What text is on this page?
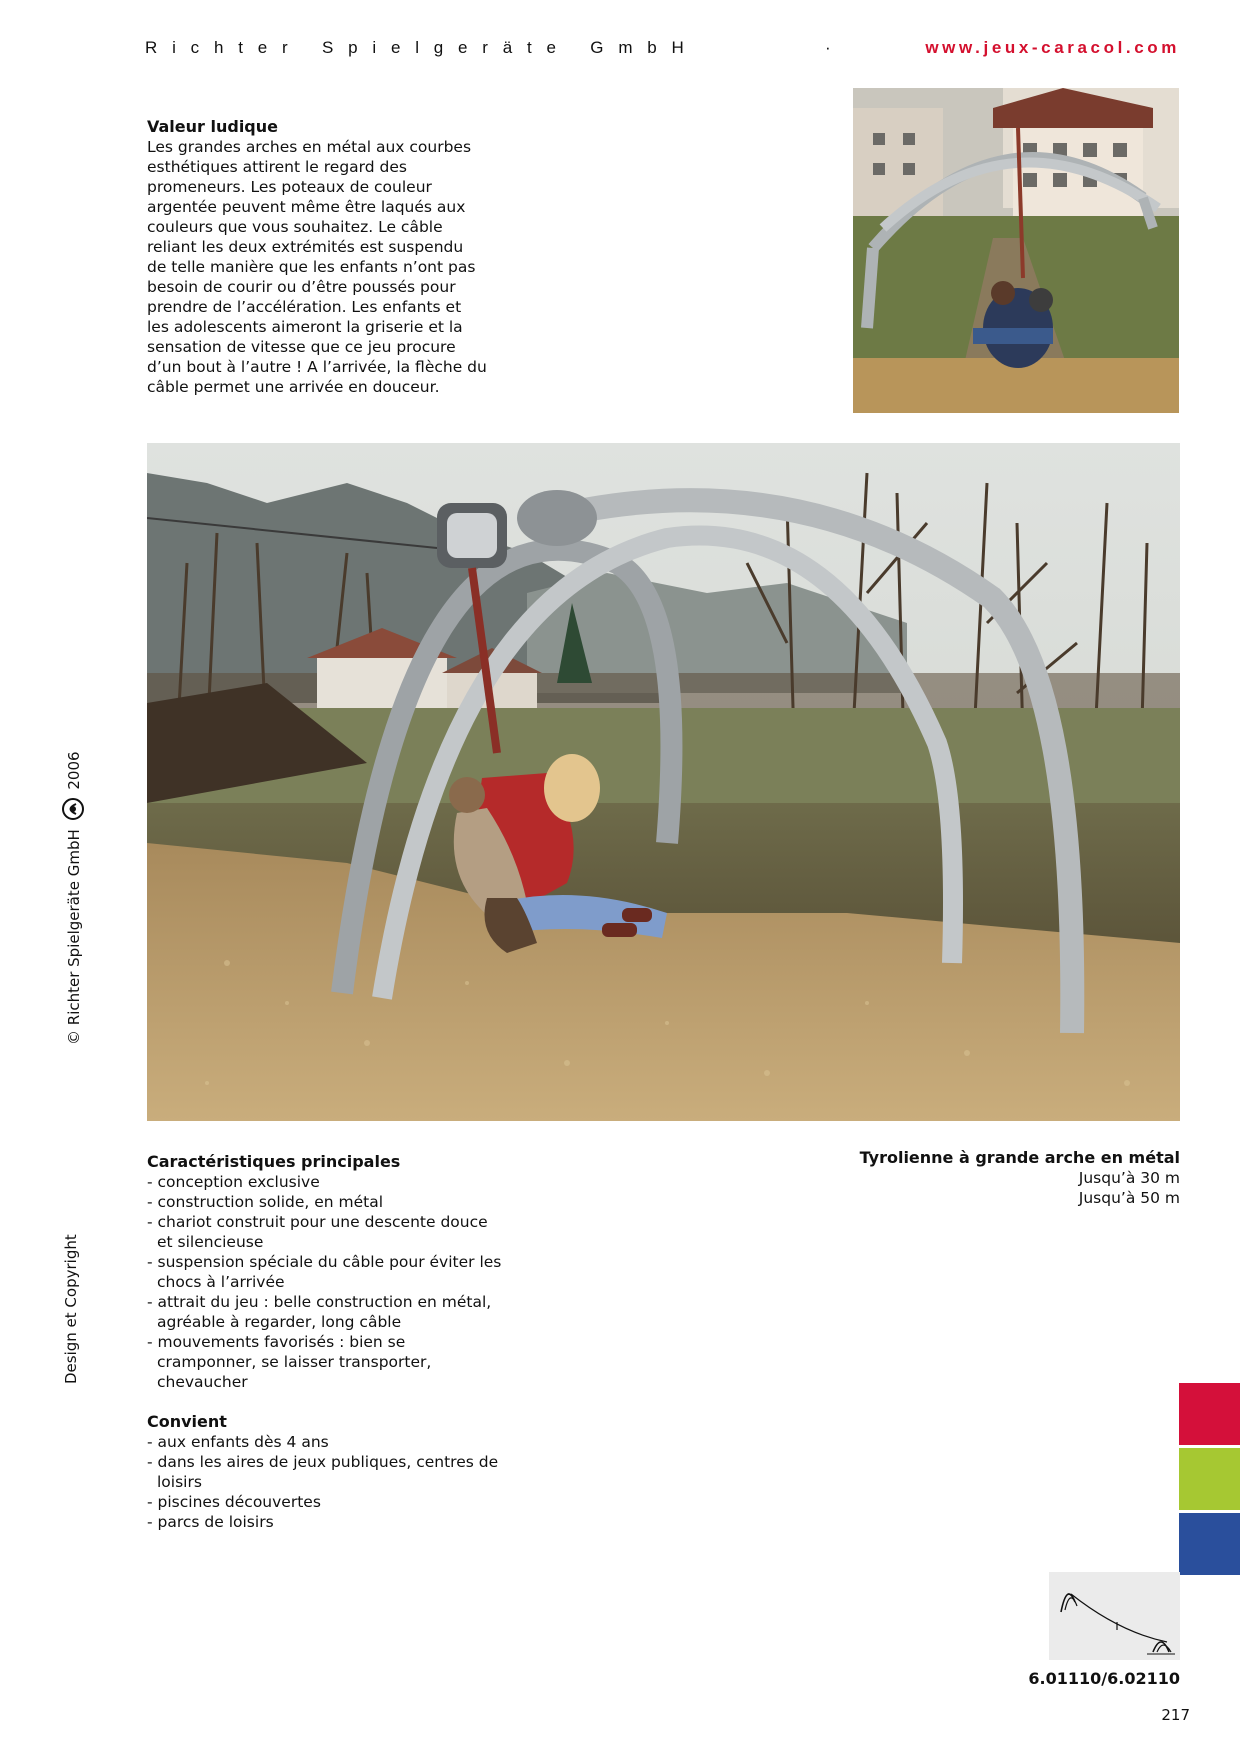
Richter Spielgeräte GmbH	·	www.jeux-caracol.com
Valeur ludique

Les grandes arches en métal aux courbes esthétiques attirent le regard des promeneurs. Les poteaux de couleur argentée peuvent même être laqués aux couleurs que vous souhaitez. Le câble reliant les deux extrémités est suspendu de telle manière que les enfants n’ont pas besoin de courir ou d’être poussés pour prendre de l’accélération. Les enfants et les adolescents aimeront la griserie et la sensation de vitesse que ce jeu procure d’un bout à l’autre ! A l’arrivée, la flèche du câble permet une arrivée en douceur.

Caractéristiques principales
- conception exclusive
- construction solide, en métal
- chariot construit pour une descente douce et silencieuse
- suspension spéciale du câble pour éviter les chocs à l’arrivée
- attrait du jeu : belle construction en métal, agréable à regarder, long câble
- mouvements favorisés : bien se cramponner, se laisser transporter, chevaucher
Convient
- aux enfants dès 4 ans
- dans les aires de jeux publiques, centres de loisirs
- piscines découvertes
- parcs de loisirs
Tyrolienne à grande arche en métal
Jusqu’à 30 m
Jusqu’à 50 m
© Richter Spielgeräte GmbH  2006
Design et Copyright
6.01110/6.02110
217
